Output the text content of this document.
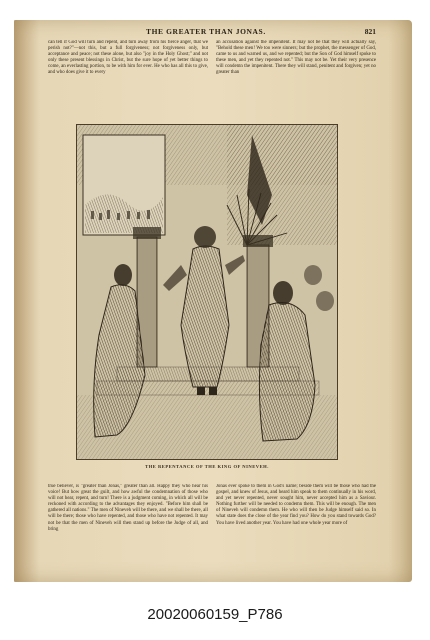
THE GREATER THAN JONAS.	821

can tell if God will turn and repent, and turn away from his fierce anger, that we perish not?"—not this, but a full forgiveness; not forgiveness only, but acceptance and peace; not these alone, but also "joy in the Holy Ghost;" and not only these present blessings in Christ, but the sure hope of yet better things to come, an everlasting portion, to be with him for ever. He who has all this to give, and who does give it to every

an accusation against the impenitent. It may not be that they will actually say, "Behold these men! We too were sinners; but the prophet, the messenger of God, came to us and warned us, and we repented; but the Son of God himself spoke to these men, and yet they repented not." This may not be. Yet their very presence will condemn the impenitent. There they will stand, penitent and forgiven; yet no greater than

THE REPENTANCE OF THE KING OF NINEVEH.

true believer, is "greater than Jonas," greater than all. Happy they who hear his voice! But how great the guilt, and how awful the condemnation of those who will not hear, repent, and turn! There is a judgment coming, in which all will be reckoned with according to the advantages they enjoyed. "Before him shall be gathered all nations." The men of Nineveh will be there, and we shall be there, all will be there; those who have repented, and those who have not repented. It may not be that the men of Nineveh will then stand up before the Judge of all, and bring

Jonas ever spoke to them in God's name; beside them will be those who had the gospel, and knew of Jesus, and heard him speak to them continually in his word, and yet never repented, never sought him, never accepted him as a Saviour. Nothing further will be needed to condemn them. This will be enough. The men of Nineveh will condemn them. He who will then be Judge himself said so. In what state does the close of the year find you? How do you stand towards God? You have lived another year. You have had one whole year more of

20020060159_P786
